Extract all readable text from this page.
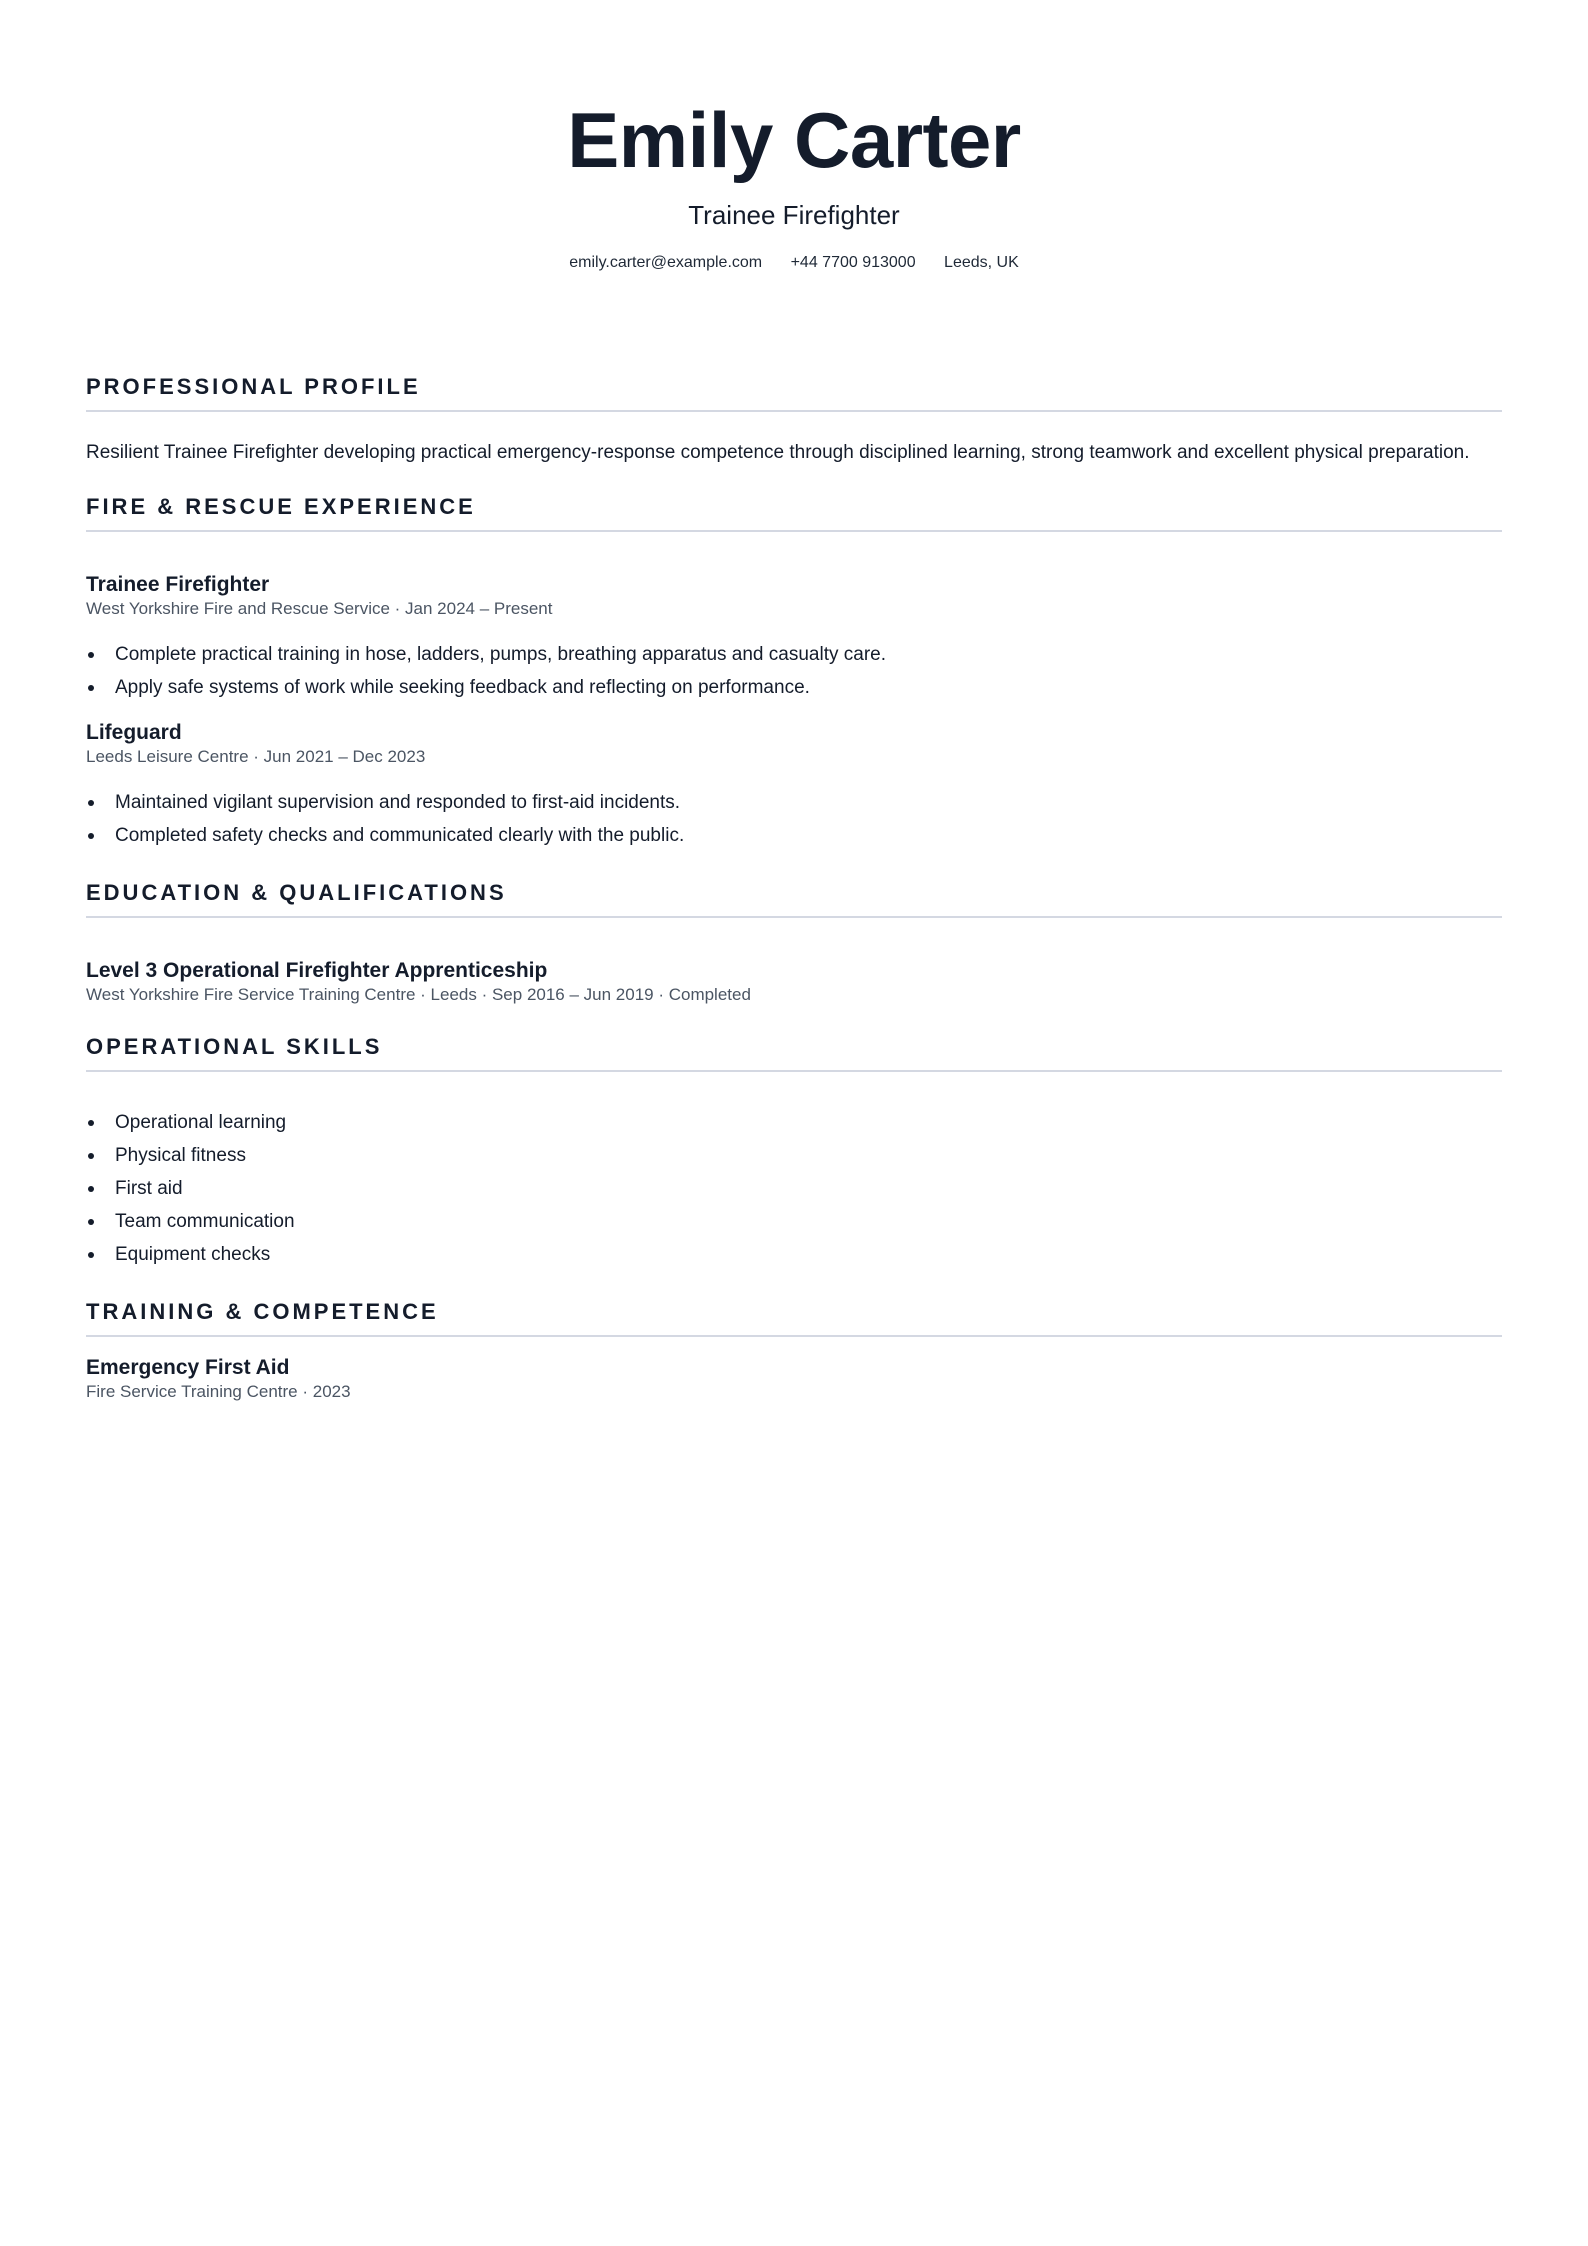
Emily Carter
Trainee Firefighter
emily.carter@example.com +44 7700 913000 Leeds, UK
PROFESSIONAL PROFILE
Resilient Trainee Firefighter developing practical emergency-response competence through disciplined learning, strong teamwork and excellent physical preparation.
FIRE & RESCUE EXPERIENCE
Trainee Firefighter
West Yorkshire Fire and Rescue Service · Jan 2024 – Present
Complete practical training in hose, ladders, pumps, breathing apparatus and casualty care.
Apply safe systems of work while seeking feedback and reflecting on performance.
Lifeguard
Leeds Leisure Centre · Jun 2021 – Dec 2023
Maintained vigilant supervision and responded to first-aid incidents.
Completed safety checks and communicated clearly with the public.
EDUCATION & QUALIFICATIONS
Level 3 Operational Firefighter Apprenticeship
West Yorkshire Fire Service Training Centre · Leeds · Sep 2016 – Jun 2019 · Completed
OPERATIONAL SKILLS
Operational learning
Physical fitness
First aid
Team communication
Equipment checks
TRAINING & COMPETENCE
Emergency First Aid
Fire Service Training Centre · 2023
